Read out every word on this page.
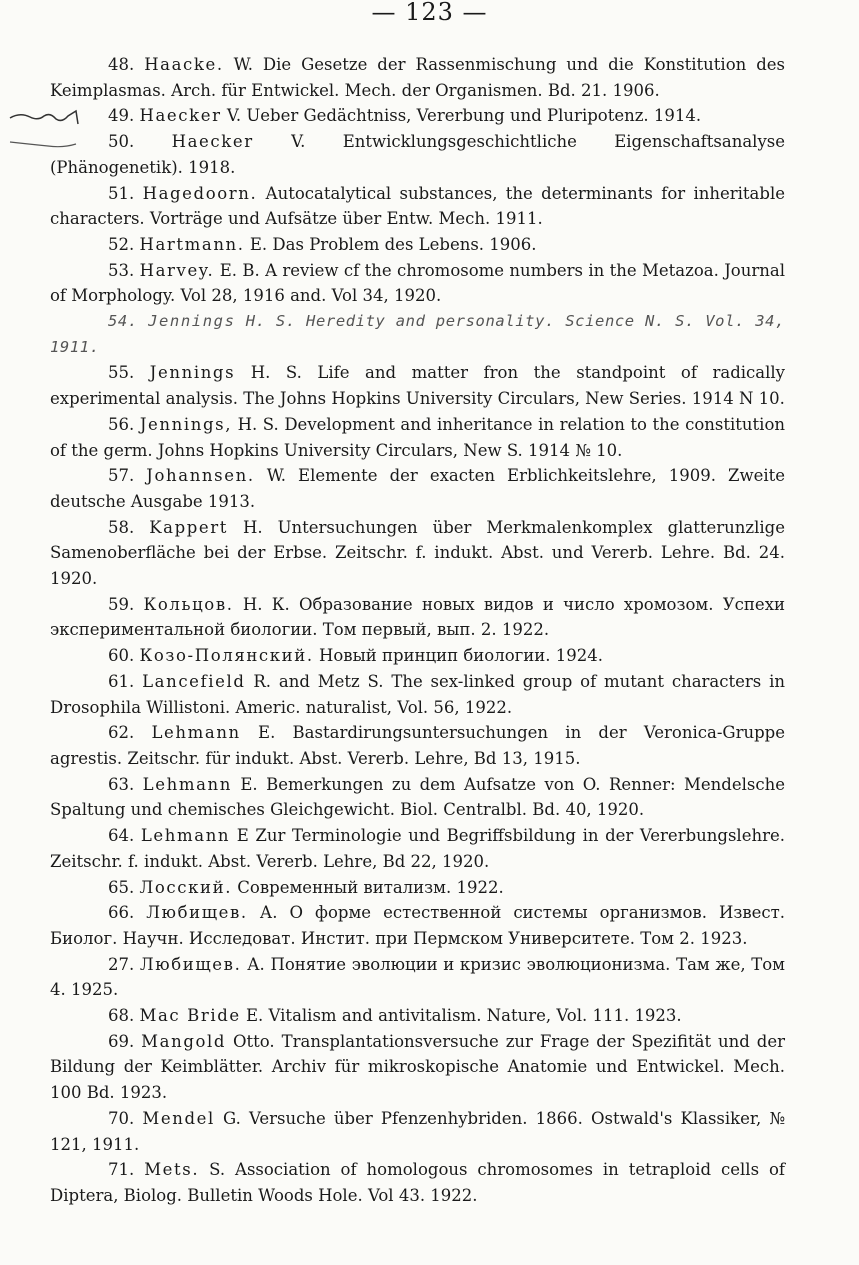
— 123 —

48. Haacke. W. Die Gesetze der Rassenmischung und die Konstitution des Keimplasmas. Arch. für Entwickel. Mech. der Organismen. Bd. 21. 1906.

49. Haecker V. Ueber Gedächtniss, Vererbung und Pluripotenz. 1914.

50. Haecker V. Entwicklungsgeschichtliche Eigenschaftsanalyse (Phänogenetik). 1918.

51. Hagedoorn. Autocatalytical substances, the determinants for inheritable characters. Vorträge und Aufsätze über Entw. Mech. 1911.

52. Hartmann. E. Das Problem des Lebens. 1906.

53. Harvey. E. B. A review cf the chromosome numbers in the Metazoa. Journal of Morphology. Vol 28, 1916 and. Vol 34, 1920.

54. Jennings H. S. Heredity and personality. Science N. S. Vol. 34, 1911.

55. Jennings H. S. Life and matter fron the standpoint of radically experimental analysis. The Johns Hopkins University Circulars, New Series. 1914 N 10.

56. Jennings, H. S. Development and inheritance in relation to the constitution of the germ. Johns Hopkins University Circulars, New S. 1914 № 10.

57. Johannsen. W. Elemente der exacten Erblichkeitslehre, 1909. Zweite deutsche Ausgabe 1913.

58. Kappert H. Untersuchungen über Merkmalenkomplex glatterunzlige Samenoberfläche bei der Erbse. Zeitschr. f. indukt. Abst. und Vererb. Lehre. Bd. 24. 1920.

59. Кольцов. Н. К. Образование новых видов и число хромозом. Успехи экспериментальной биологии. Том первый, вып. 2. 1922.

60. Козо-Полянский. Новый принцип биологии. 1924.

61. Lancefield R. and Metz S. The sex-linked group of mutant characters in Drosophila Willistoni. Americ. naturalist, Vol. 56, 1922.

62. Lehmann E. Bastardirungsuntersuchungen in der Veronica-Gruppe agrestis. Zeitschr. für indukt. Abst. Vererb. Lehre, Bd 13, 1915.

63. Lehmann E. Bemerkungen zu dem Aufsatze von O. Renner: Mendelsche Spaltung und chemisches Gleichgewicht. Biol. Centralbl. Bd. 40, 1920.

64. Lehmann E Zur Terminologie und Begriffsbildung in der Vererbungslehre. Zeitschr. f. indukt. Abst. Vererb. Lehre, Bd 22, 1920.

65. Лосский. Современный витализм. 1922.

66. Любищев. А. О форме естественной системы организмов. Извест. Биолог. Научн. Исследоват. Инстит. при Пермском Университете. Том 2. 1923.

27. Любищев. А. Понятие эволюции и кризис эволюционизма. Там же, Том 4. 1925.

68. Mac Bride E. Vitalism and antivitalism. Nature, Vol. 111. 1923.

69. Mangold Otto. Transplantationsversuche zur Frage der Spezifität und der Bildung der Keimblätter. Archiv für mikroskopische Anatomie und Entwickel. Mech. 100 Bd. 1923.

70. Mendel G. Versuche über Pfenzenhybriden. 1866. Ostwald's Klassiker, № 121, 1911.

71. Mets. S. Association of homologous chromosomes in tetraploid cells of Diptera, Biolog. Bulletin Woods Hole. Vol 43. 1922.
